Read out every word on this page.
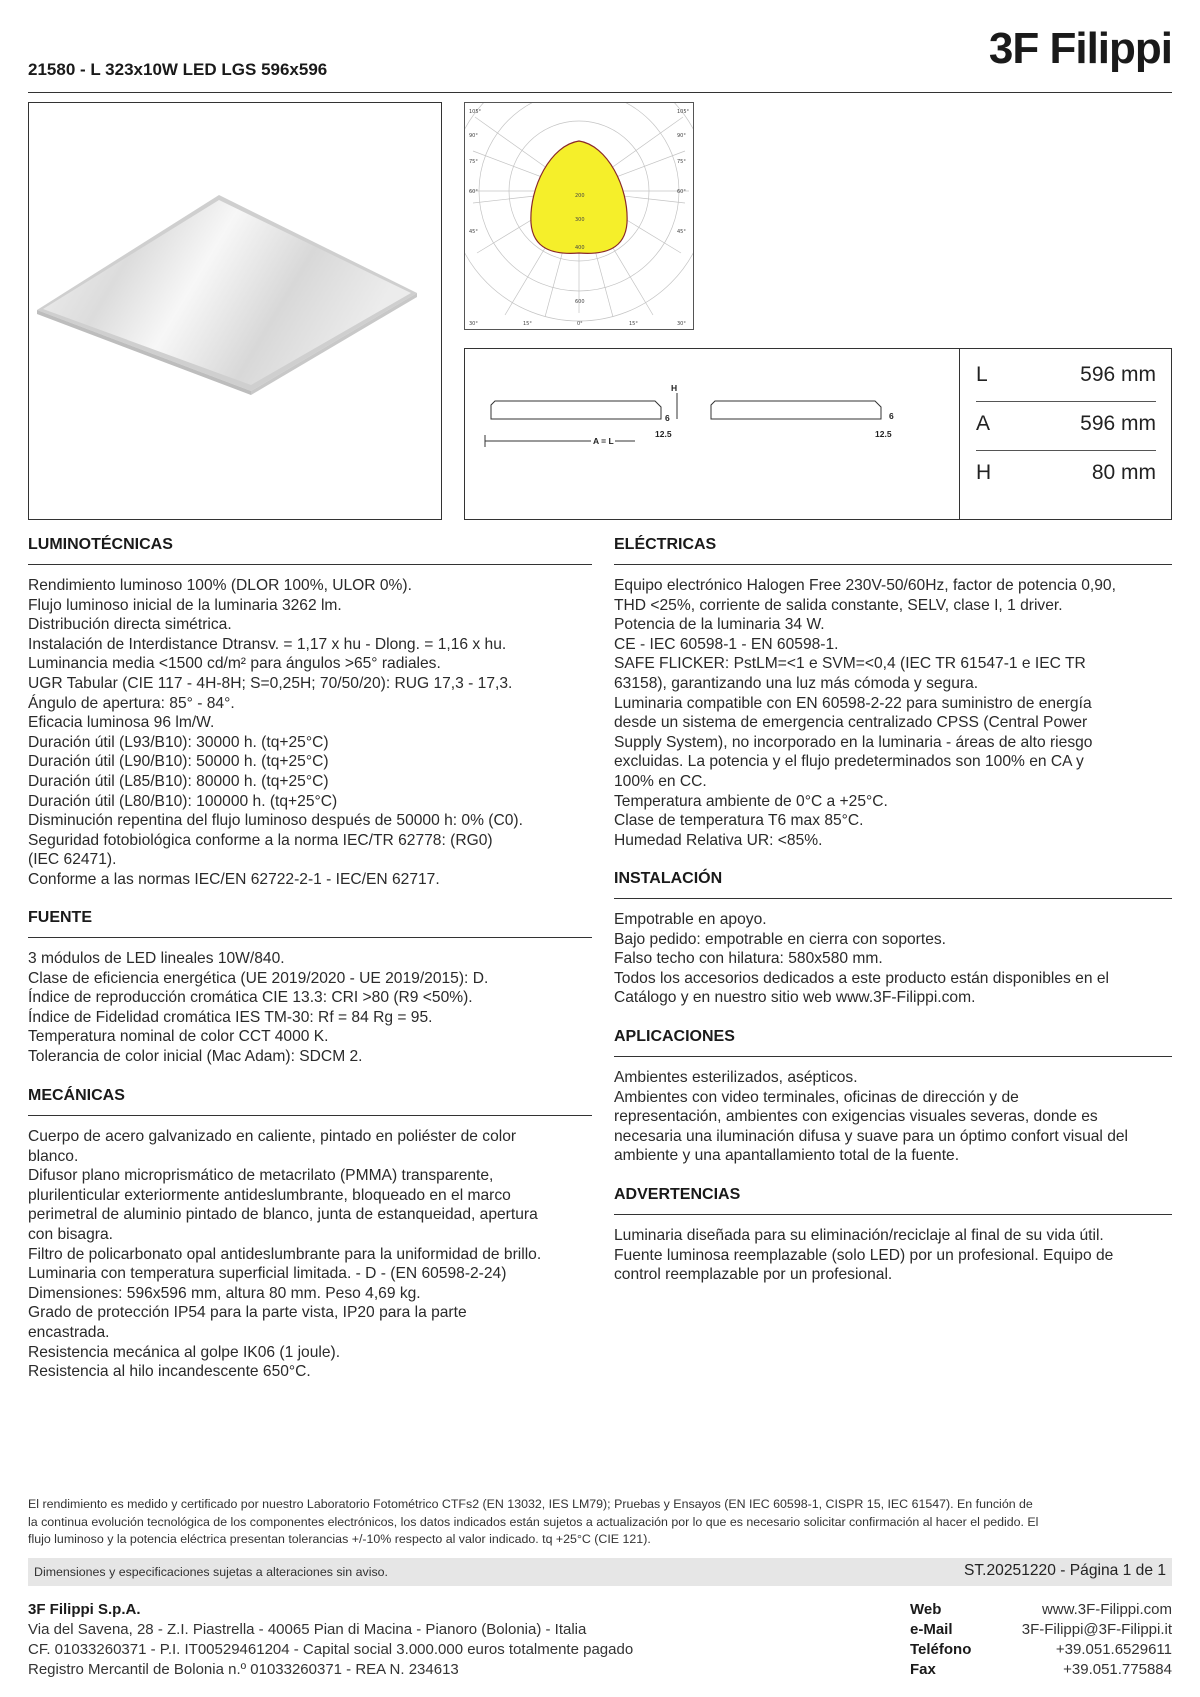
21580 - L 323x10W LED LGS 596x596	3F Filippi
105°
90°
75°
60°
45°
105°
90°
75°
60°
45°
30°	15°	0°	15°	30°
200
300
400
600
H
6
12.5
6
12.5
A = L
L	596 mm
A	596 mm
H	80 mm
LUMINOTÉCNICAS
Rendimiento luminoso 100% (DLOR 100%, ULOR 0%).
Flujo luminoso inicial de la luminaria 3262 lm.
Distribución directa simétrica.
Instalación de Interdistance Dtransv. = 1,17 x hu - Dlong. = 1,16 x hu.
Luminancia media <1500 cd/m² para ángulos >65° radiales.
UGR Tabular (CIE 117 - 4H-8H; S=0,25H; 70/50/20): RUG 17,3 - 17,3.
Ángulo de apertura: 85° - 84°.
Eficacia luminosa 96 lm/W.
Duración útil (L93/B10): 30000 h. (tq+25°C)
Duración útil (L90/B10): 50000 h. (tq+25°C)
Duración útil (L85/B10): 80000 h. (tq+25°C)
Duración útil (L80/B10): 100000 h. (tq+25°C)
Disminución repentina del flujo luminoso después de 50000 h: 0% (C0).
Seguridad fotobiológica conforme a la norma IEC/TR 62778: (RG0)
(IEC 62471).
Conforme a las normas IEC/EN 62722-2-1 - IEC/EN 62717.
FUENTE
3 módulos de LED lineales 10W/840.
Clase de eficiencia energética (UE 2019/2020 - UE 2019/2015): D.
Índice de reproducción cromática CIE 13.3: CRI >80 (R9 <50%).
Índice de Fidelidad cromática IES TM-30: Rf = 84 Rg = 95.
Temperatura nominal de color CCT 4000 K.
Tolerancia de color inicial (Mac Adam): SDCM 2.
MECÁNICAS
Cuerpo de acero galvanizado en caliente, pintado en poliéster de color
blanco.
Difusor plano microprismático de metacrilato (PMMA) transparente,
plurilenticular exteriormente antideslumbrante, bloqueado en el marco
perimetral de aluminio pintado de blanco, junta de estanqueidad, apertura
con bisagra.
Filtro de policarbonato opal antideslumbrante para la uniformidad de brillo.
Luminaria con temperatura superficial limitada. - D - (EN 60598-2-24)
Dimensiones: 596x596 mm, altura 80 mm. Peso 4,69 kg.
Grado de protección IP54 para la parte vista, IP20 para la parte
encastrada.
Resistencia mecánica al golpe IK06 (1 joule).
Resistencia al hilo incandescente 650°C.
ELÉCTRICAS
Equipo electrónico Halogen Free 230V-50/60Hz, factor de potencia 0,90,
THD <25%, corriente de salida constante, SELV, clase I, 1 driver.
Potencia de la luminaria 34 W.
CE - IEC 60598-1 - EN 60598-1.
SAFE FLICKER: PstLM=<1 e SVM=<0,4 (IEC TR 61547-1 e IEC TR
63158), garantizando una luz más cómoda y segura.
Luminaria compatible con EN 60598-2-22 para suministro de energía
desde un sistema de emergencia centralizado CPSS (Central Power
Supply System), no incorporado en la luminaria - áreas de alto riesgo
excluidas. La potencia y el flujo predeterminados son 100% en CA y
100% en CC.
Temperatura ambiente de 0°C a +25°C.
Clase de temperatura T6 max 85°C.
Humedad Relativa UR: <85%.
INSTALACIÓN
Empotrable en apoyo.
Bajo pedido: empotrable en cierra con soportes.
Falso techo con hilatura: 580x580 mm.
Todos los accesorios dedicados a este producto están disponibles en el
Catálogo y en nuestro sitio web www.3F-Filippi.com.
APLICACIONES
Ambientes esterilizados, asépticos.
Ambientes con video terminales, oficinas de dirección y de
representación, ambientes con exigencias visuales severas, donde es
necesaria una iluminación difusa y suave para un óptimo confort visual del
ambiente y una apantallamiento total de la fuente.
ADVERTENCIAS
Luminaria diseñada para su eliminación/reciclaje al final de su vida útil.
Fuente luminosa reemplazable (solo LED) por un profesional. Equipo de
control reemplazable por un profesional.
El rendimiento es medido y certificado por nuestro Laboratorio Fotométrico CTFs2 (EN 13032, IES LM79); Pruebas y Ensayos (EN IEC 60598-1, CISPR 15, IEC 61547). En función de
la continua evolución tecnológica de los componentes electrónicos, los datos indicados están sujetos a actualización por lo que es necesario solicitar confirmación al hacer el pedido. El
flujo luminoso y la potencia eléctrica presentan tolerancias +/-10% respecto al valor indicado. tq +25°C (CIE 121).
Dimensiones y especificaciones sujetas a alteraciones sin aviso.	ST.20251220 - Página 1 de 1
3F Filippi S.p.A.
Via del Savena, 28 - Z.I. Piastrella - 40065 Pian di Macina - Pianoro (Bolonia) - Italia
CF. 01033260371 - P.I. IT00529461204 - Capital social 3.000.000 euros totalmente pagado
Registro Mercantil de Bolonia n.º 01033260371 - REA N. 234613
Web	www.3F-Filippi.com
e-Mail	3F-Filippi@3F-Filippi.it
Teléfono	+39.051.6529611
Fax	+39.051.775884
